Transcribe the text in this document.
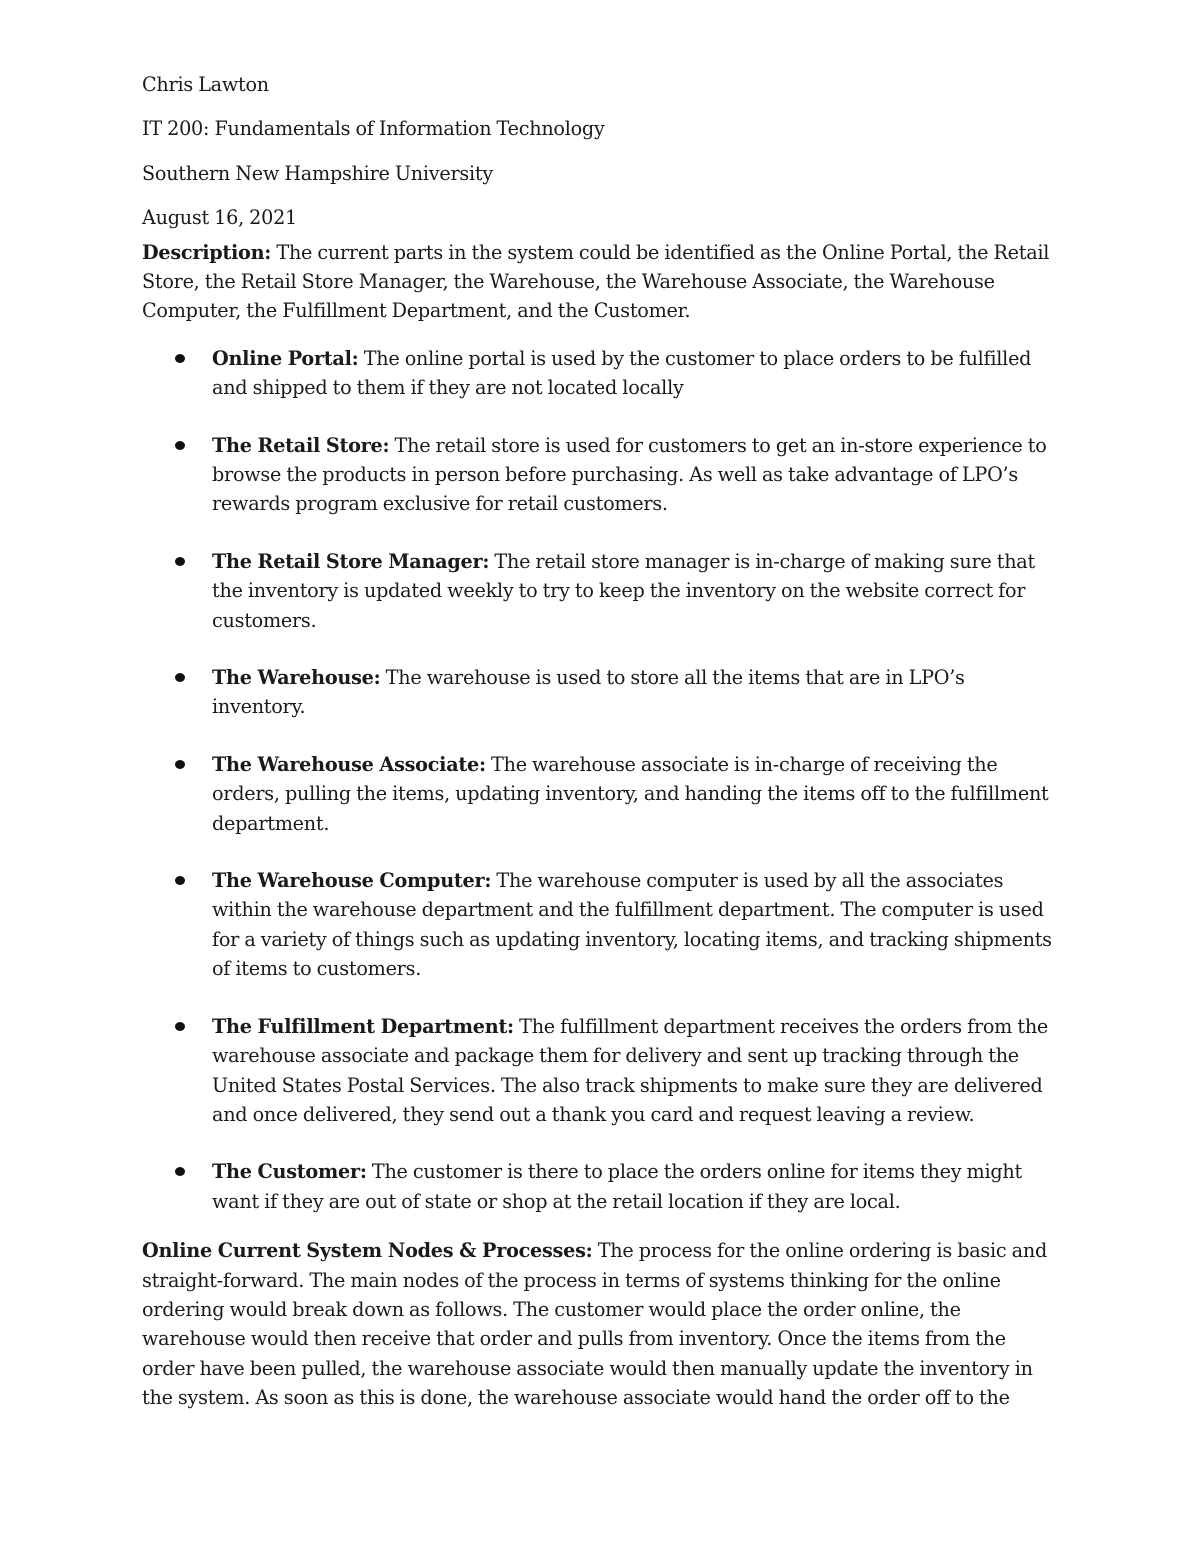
Chris Lawton
IT 200: Fundamentals of Information Technology
Southern New Hampshire University
August 16, 2021

Description: The current parts in the system could be identified as the Online Portal, the Retail Store, the Retail Store Manager, the Warehouse, the Warehouse Associate, the Warehouse Computer, the Fulfillment Department, and the Customer.

Online Portal: The online portal is used by the customer to place orders to be fulfilled and shipped to them if they are not located locally
The Retail Store: The retail store is used for customers to get an in-store experience to browse the products in person before purchasing. As well as take advantage of LPO’s rewards program exclusive for retail customers.
The Retail Store Manager: The retail store manager is in-charge of making sure that the inventory is updated weekly to try to keep the inventory on the website correct for customers.
The Warehouse: The warehouse is used to store all the items that are in LPO’s inventory.
The Warehouse Associate: The warehouse associate is in-charge of receiving the orders, pulling the items, updating inventory, and handing the items off to the fulfillment department.
The Warehouse Computer: The warehouse computer is used by all the associates within the warehouse department and the fulfillment department. The computer is used for a variety of things such as updating inventory, locating items, and tracking shipments of items to customers.
The Fulfillment Department: The fulfillment department receives the orders from the warehouse associate and package them for delivery and sent up tracking through the United States Postal Services. The also track shipments to make sure they are delivered and once delivered, they send out a thank you card and request leaving a review.
The Customer: The customer is there to place the orders online for items they might want if they are out of state or shop at the retail location if they are local.

Online Current System Nodes & Processes: The process for the online ordering is basic and straight-forward. The main nodes of the process in terms of systems thinking for the online ordering would break down as follows. The customer would place the order online, the warehouse would then receive that order and pulls from inventory. Once the items from the order have been pulled, the warehouse associate would then manually update the inventory in the system. As soon as this is done, the warehouse associate would hand the order off to the
